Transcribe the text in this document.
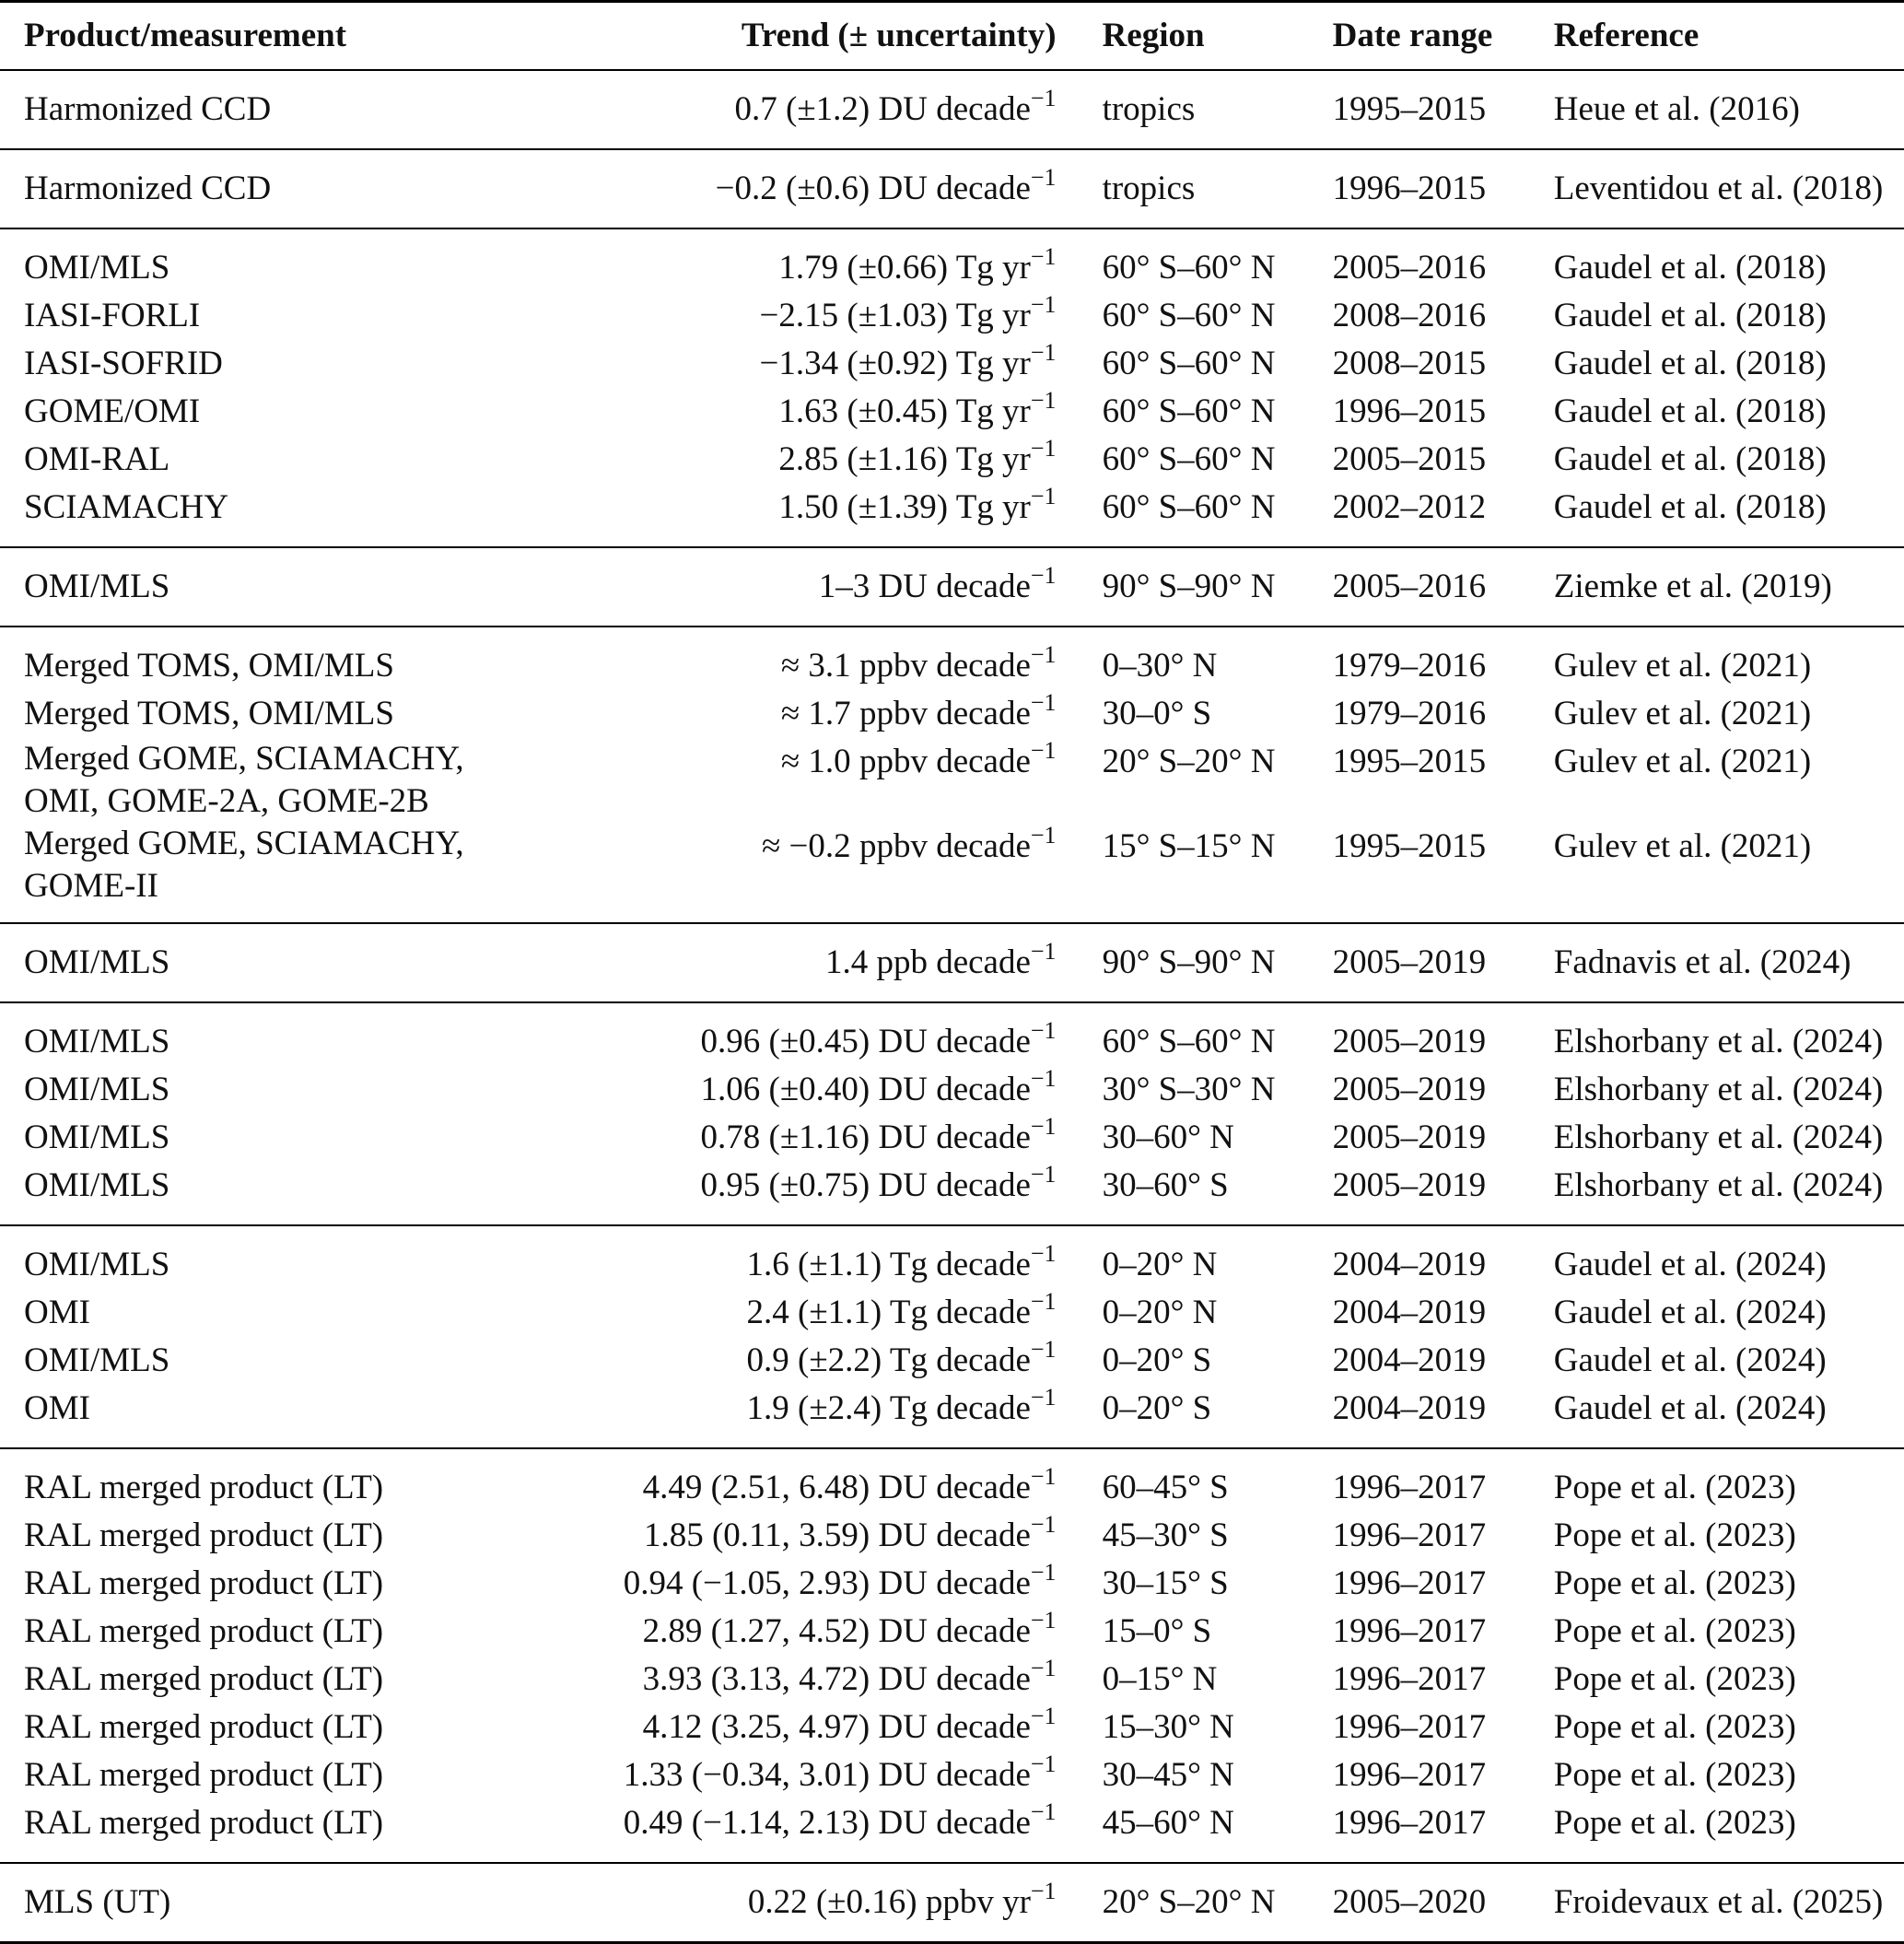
Product/measurement	Trend (± uncertainty)	Region	Date range	Reference
Harmonized CCD	0.7 (±1.2) DU decade$^{-1}$	tropics	1995–2015	Heue et al. (2016)
Harmonized CCD	−0.2 (±0.6) DU decade$^{-1}$	tropics	1996–2015	Leventidou et al. (2018)
OMI/MLS	1.79 (±0.66) Tg $yr^{-1}$	60° S–60° N	2005–2016	Gaudel et al. (2018)
IASI-FORLI	−2.15 (±1.03) Tg $yr^{-1}$	60° S–60° N	2008–2016	Gaudel et al. (2018)
IASI-SOFRID	−1.34 (±0.92) Tg $yr^{-1}$	60° S–60° N	2008–2015	Gaudel et al. (2018)
GOME/OMI	1.63 (±0.45) Tg $yr^{-1}$	60° S–60° N	1996–2015	Gaudel et al. (2018)
OMI-RAL	2.85 (±1.16) Tg $yr^{-1}$	60° S–60° N	2005–2015	Gaudel et al. (2018)
SCIAMACHY	1.50 (±1.39) Tg $yr^{-1}$	60° S–60° N	2002–2012	Gaudel et al. (2018)
OMI/MLS	1–3 DU decade$^{-1}$	90° S–90° N	2005–2016	Ziemke et al. (2019)
Merged TOMS, OMI/MLS	≈ 3.1 ppbv decade$^{-1}$	0–30° N	1979–2016	Gulev et al. (2021)
Merged TOMS, OMI/MLS	≈ 1.7 ppbv decade$^{-1}$	30–0° S	1979–2016	Gulev et al. (2021)
Merged GOME, SCIAMACHY, OMI, GOME-2A, GOME-2B	≈ 1.0 ppbv decade$^{-1}$	20° S–20° N	1995–2015	Gulev et al. (2021)
Merged GOME, SCIAMACHY, GOME-II	≈ −0.2 ppbv decade$^{-1}$	15° S–15° N	1995–2015	Gulev et al. (2021)
OMI/MLS	1.4 ppb decade$^{-1}$	90° S–90° N	2005–2019	Fadnavis et al. (2024)
OMI/MLS	0.96 (±0.45) DU decade$^{-1}$	60° S–60° N	2005–2019	Elshorbany et al. (2024)
OMI/MLS	1.06 (±0.40) DU decade$^{-1}$	30° S–30° N	2005–2019	Elshorbany et al. (2024)
OMI/MLS	0.78 (±1.16) DU decade$^{-1}$	30–60° N	2005–2019	Elshorbany et al. (2024)
OMI/MLS	0.95 (±0.75) DU decade$^{-1}$	30–60° S	2005–2019	Elshorbany et al. (2024)
OMI/MLS	1.6 (±1.1) Tg decade$^{-1}$	0–20° N	2004–2019	Gaudel et al. (2024)
OMI	2.4 (±1.1) Tg decade$^{-1}$	0–20° N	2004–2019	Gaudel et al. (2024)
OMI/MLS	0.9 (±2.2) Tg decade$^{-1}$	0–20° S	2004–2019	Gaudel et al. (2024)
OMI	1.9 (±2.4) Tg decade$^{-1}$	0–20° S	2004–2019	Gaudel et al. (2024)
RAL merged product (LT)	4.49 (2.51, 6.48) DU decade$^{-1}$	60–45° S	1996–2017	Pope et al. (2023)
RAL merged product (LT)	1.85 (0.11, 3.59) DU decade$^{-1}$	45–30° S	1996–2017	Pope et al. (2023)
RAL merged product (LT)	0.94 (−1.05, 2.93) DU decade$^{-1}$	30–15° S	1996–2017	Pope et al. (2023)
RAL merged product (LT)	2.89 (1.27, 4.52) DU decade$^{-1}$	15–0° S	1996–2017	Pope et al. (2023)
RAL merged product (LT)	3.93 (3.13, 4.72) DU decade$^{-1}$	0–15° N	1996–2017	Pope et al. (2023)
RAL merged product (LT)	4.12 (3.25, 4.97) DU decade$^{-1}$	15–30° N	1996–2017	Pope et al. (2023)
RAL merged product (LT)	1.33 (−0.34, 3.01) DU decade$^{-1}$	30–45° N	1996–2017	Pope et al. (2023)
RAL merged product (LT)	0.49 (−1.14, 2.13) DU decade$^{-1}$	45–60° N	1996–2017	Pope et al. (2023)
MLS (UT)	0.22 (±0.16) ppbv $yr^{-1}$	20° S–20° N	2005–2020	Froidevaux et al. (2025)
